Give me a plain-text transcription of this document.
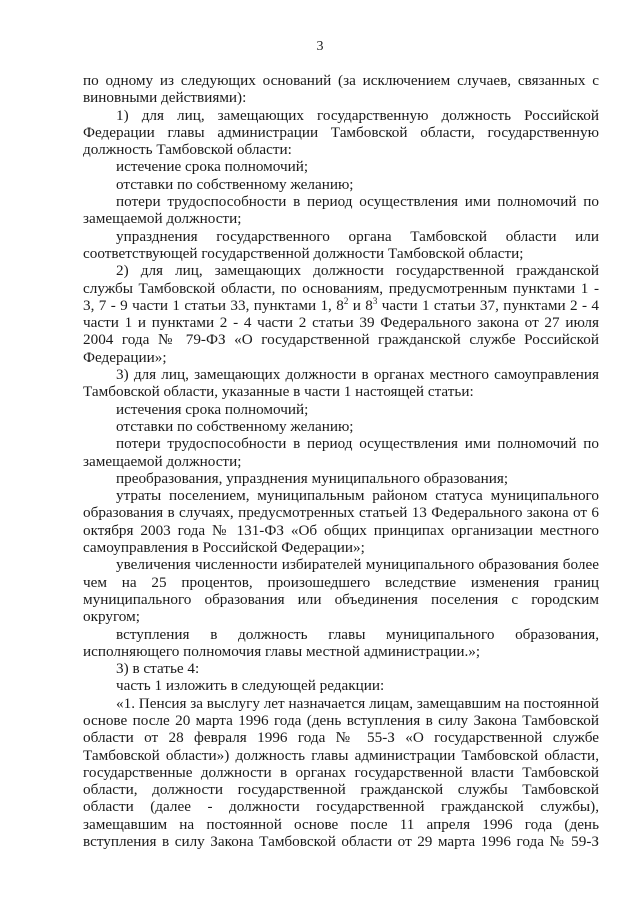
3

по одному из следующих оснований (за исключением случаев, связанных с виновными действиями):

1) для лиц, замещающих государственную должность Российской Федерации главы администрации Тамбовской области, государственную должность Тамбовской области:

истечение срока полномочий;

отставки по собственному желанию;

потери трудоспособности в период осуществления ими полномочий по замещаемой должности;

упразднения государственного органа Тамбовской области или соответствующей государственной должности Тамбовской области;

2) для лиц, замещающих должности государственной гражданской службы Тамбовской области, по основаниям, предусмотренным пунктами 1 - 3, 7 - 9 части 1 статьи 33, пунктами 1, $8^2$ и $8^3$ части 1 статьи 37, пунктами 2 - 4 части 1 и пунктами 2 - 4 части 2 статьи 39 Федерального закона от 27 июля 2004 года № 79-ФЗ «О государственной гражданской службе Российской Федерации»;

3) для лиц, замещающих должности в органах местного самоуправления Тамбовской области, указанные в части 1 настоящей статьи:

истечения срока полномочий;

отставки по собственному желанию;

потери трудоспособности в период осуществления ими полномочий по замещаемой должности;

преобразования, упразднения муниципального образования;

утраты поселением, муниципальным районом статуса муниципального образования в случаях, предусмотренных статьей 13 Федерального закона от 6 октября 2003 года № 131-ФЗ «Об общих принципах организации местного самоуправления в Российской Федерации»;

увеличения численности избирателей муниципального образования более чем на 25 процентов, произошедшего вследствие изменения границ муниципального образования или объединения поселения с городским округом;

вступления в должность главы муниципального образования, исполняющего полномочия главы местной администрации.»;

3) в статье 4:

часть 1 изложить в следующей редакции:

«1. Пенсия за выслугу лет назначается лицам, замещавшим на постоянной основе после 20 марта 1996 года (день вступления в силу Закона Тамбовской области от 28 февраля 1996 года № 55-З «О государственной службе Тамбовской области») должность главы администрации Тамбовской области, государственные должности в органах государственной власти Тамбовской области, должности государственной гражданской службы Тамбовской области (далее - должности государственной гражданской службы), замещавшим на постоянной основе после 11 апреля 1996 года (день вступления в силу Закона Тамбовской области от 29 марта 1996 года № 59-З
